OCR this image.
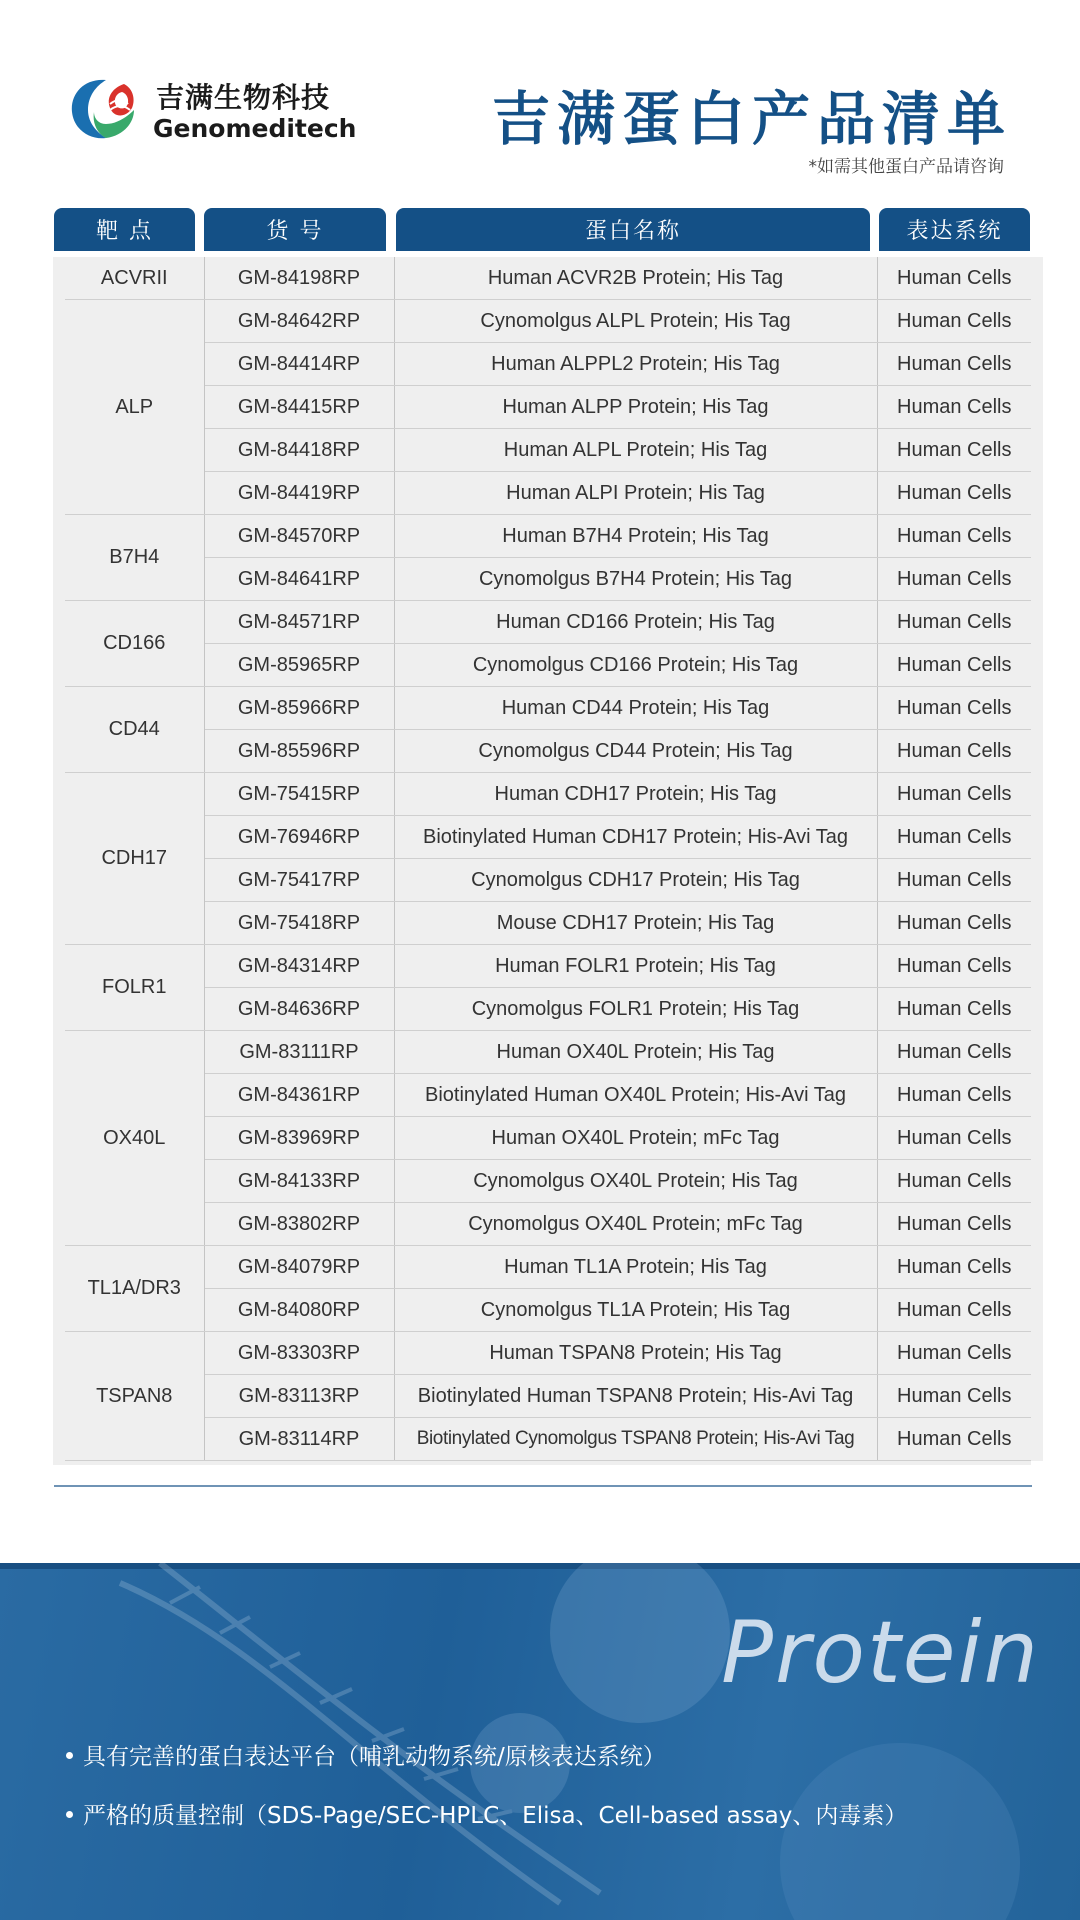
吉满生物科技
Genomeditech 吉满蛋白产品清单
*如需其他蛋白产品请咨询
靶 点	货 号	蛋白名称	表达系统
ACVRII	GM-84198RP	Human ACVR2B Protein; His Tag	Human Cells
ALP	GM-84642RP	Cynomolgus ALPL Protein; His Tag	Human Cells
	GM-84414RP	Human ALPPL2 Protein; His Tag	Human Cells
	GM-84415RP	Human ALPP Protein; His Tag	Human Cells
	GM-84418RP	Human ALPL Protein; His Tag	Human Cells
	GM-84419RP	Human ALPI Protein; His Tag	Human Cells
B7H4	GM-84570RP	Human B7H4 Protein; His Tag	Human Cells
	GM-84641RP	Cynomolgus B7H4 Protein; His Tag	Human Cells
CD166	GM-84571RP	Human CD166 Protein; His Tag	Human Cells
	GM-85965RP	Cynomolgus CD166 Protein; His Tag	Human Cells
CD44	GM-85966RP	Human CD44 Protein; His Tag	Human Cells
	GM-85596RP	Cynomolgus CD44 Protein; His Tag	Human Cells
CDH17	GM-75415RP	Human CDH17 Protein; His Tag	Human Cells
	GM-76946RP	Biotinylated Human CDH17 Protein; His-Avi Tag	Human Cells
	GM-75417RP	Cynomolgus CDH17 Protein; His Tag	Human Cells
	GM-75418RP	Mouse CDH17 Protein; His Tag	Human Cells
FOLR1	GM-84314RP	Human FOLR1 Protein; His Tag	Human Cells
	GM-84636RP	Cynomolgus FOLR1 Protein; His Tag	Human Cells
OX40L	GM-83111RP	Human OX40L Protein; His Tag	Human Cells
	GM-84361RP	Biotinylated Human OX40L Protein; His-Avi Tag	Human Cells
	GM-83969RP	Human OX40L Protein; mFc Tag	Human Cells
	GM-84133RP	Cynomolgus OX40L Protein; His Tag	Human Cells
	GM-83802RP	Cynomolgus OX40L Protein; mFc Tag	Human Cells
TL1A/DR3	GM-84079RP	Human TL1A Protein; His Tag	Human Cells
	GM-84080RP	Cynomolgus TL1A Protein; His Tag	Human Cells
TSPAN8	GM-83303RP	Human TSPAN8 Protein; His Tag	Human Cells
	GM-83113RP	Biotinylated Human TSPAN8 Protein; His-Avi Tag	Human Cells
	GM-83114RP	Biotinylated Cynomolgus TSPAN8 Protein; His-Avi Tag	Human Cells
Protein
具有完善的蛋白表达平台（哺乳动物系统/原核表达系统）
严格的质量控制（SDS-Page/SEC-HPLC、Elisa、Cell-based assay、内毒素）
